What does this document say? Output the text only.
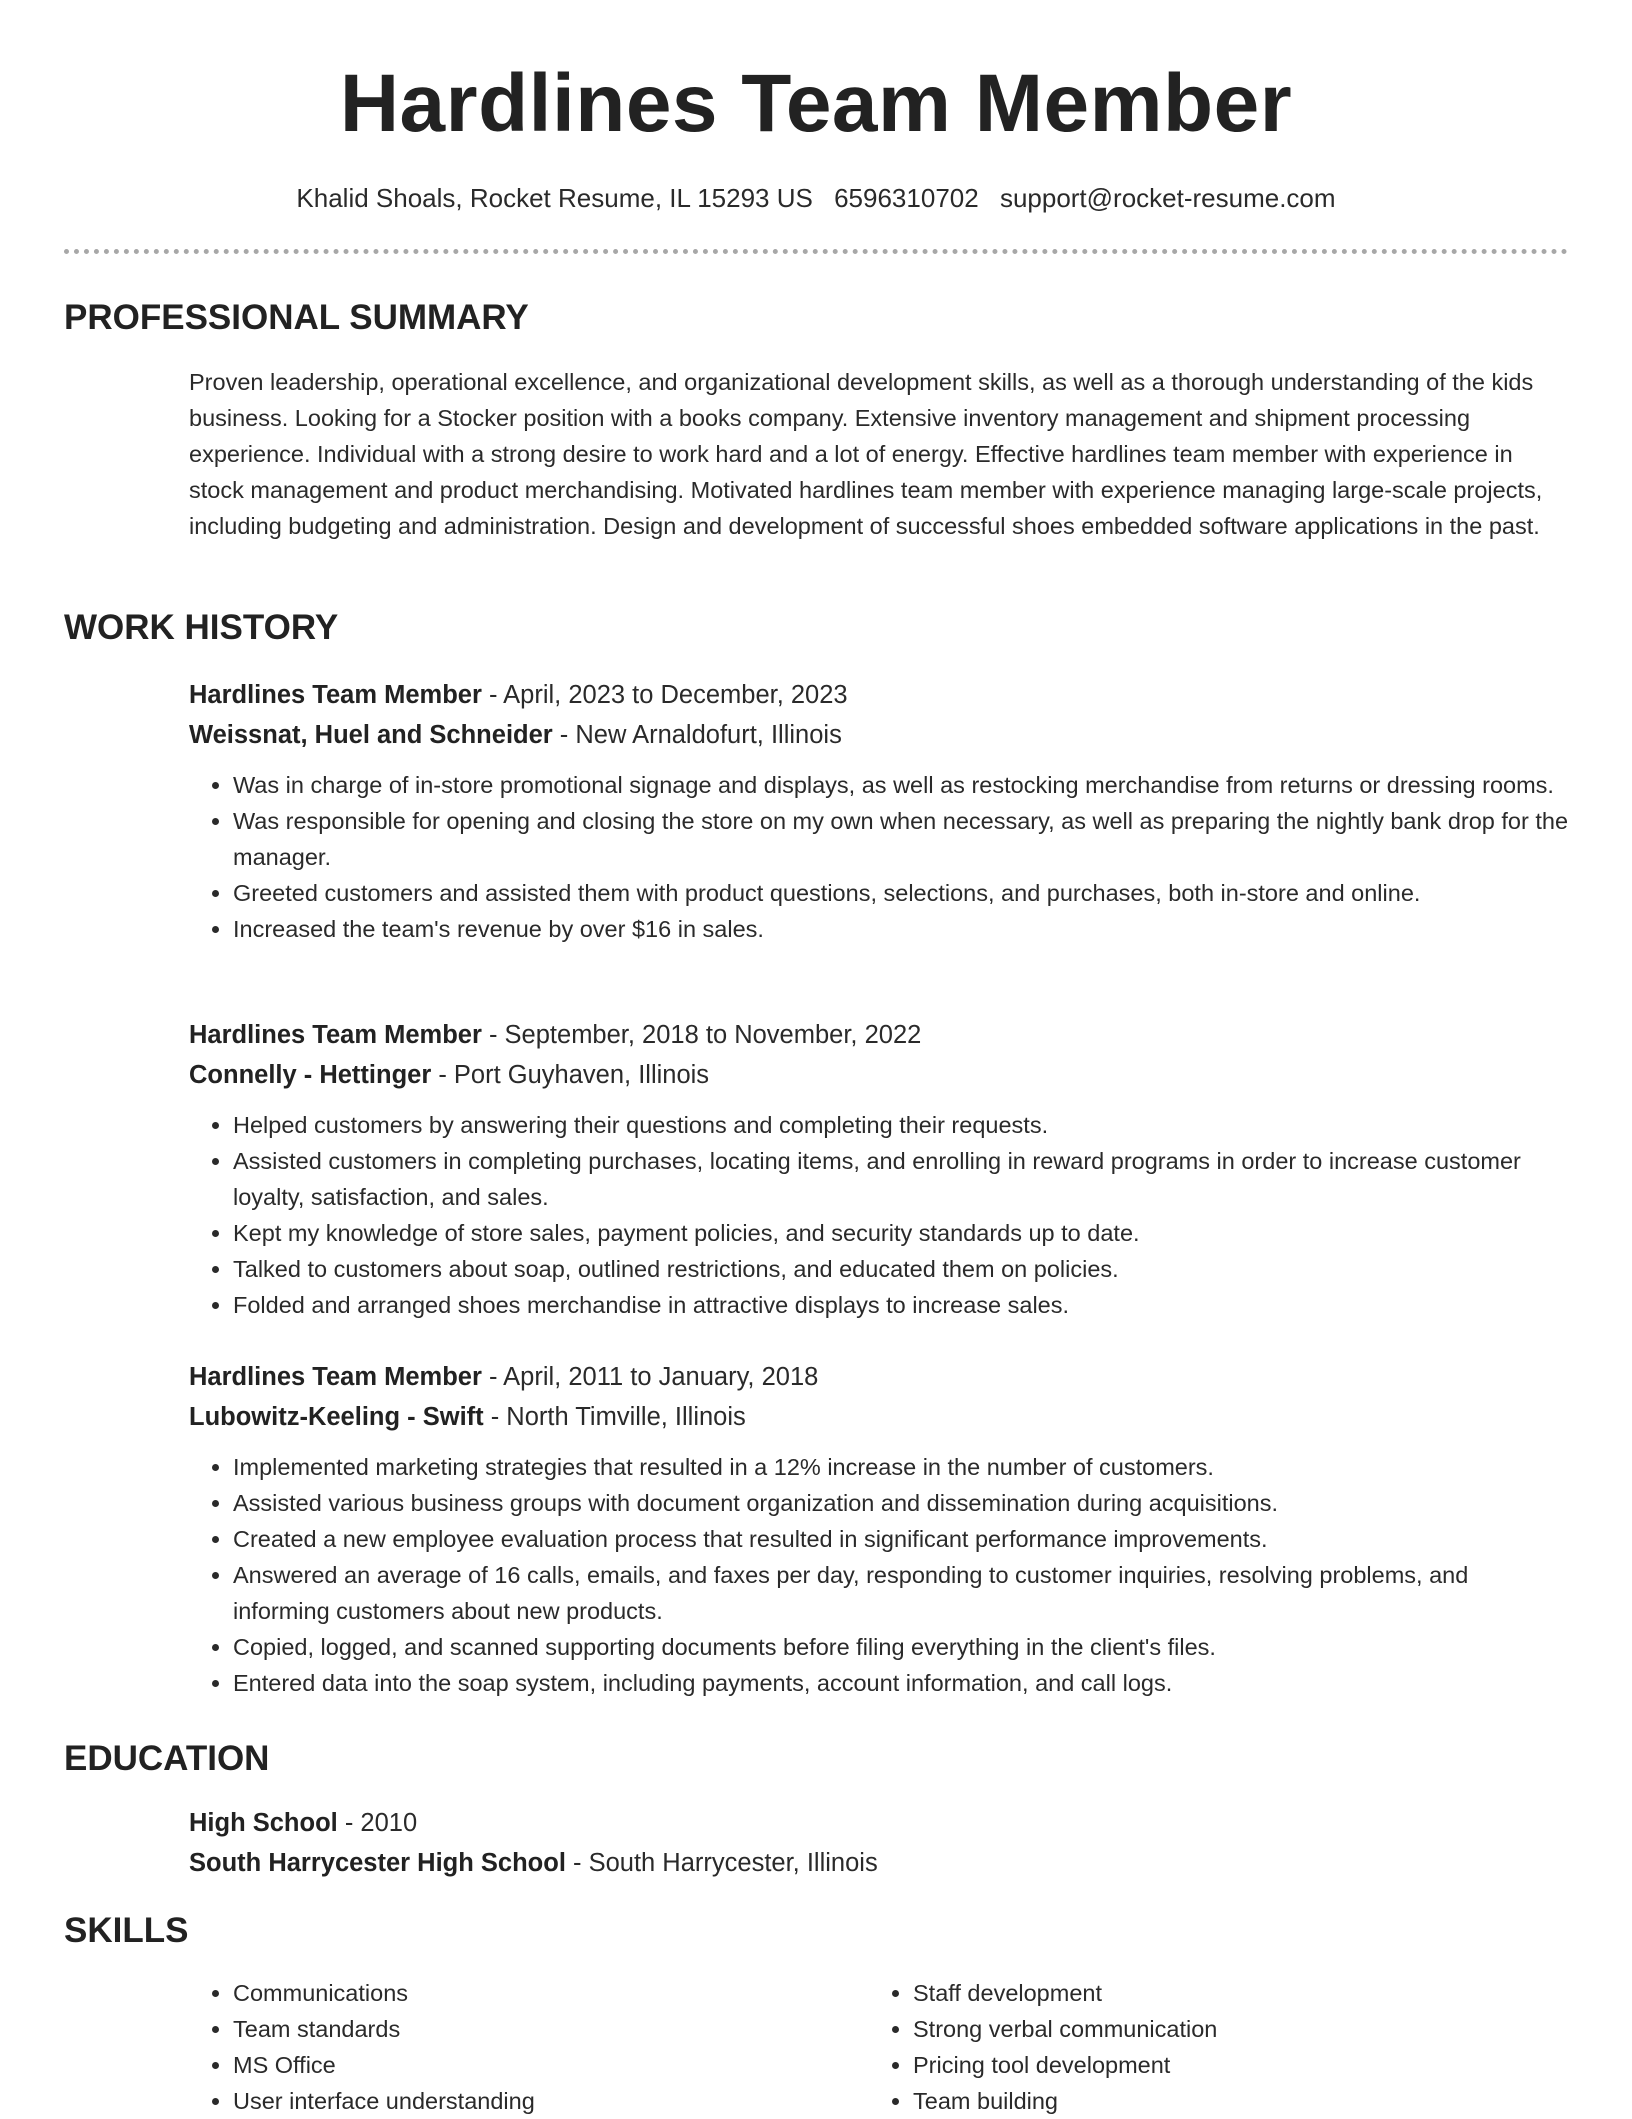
Hardlines Team Member
Khalid Shoals, Rocket Resume, IL 15293 US 6596310702 support@rocket-resume.com
PROFESSIONAL SUMMARY

Proven leadership, operational excellence, and organizational development skills, as well as a thorough understanding of the kids business. Looking for a Stocker position with a books company. Extensive inventory management and shipment processing experience. Individual with a strong desire to work hard and a lot of energy. Effective hardlines team member with experience in stock management and product merchandising. Motivated hardlines team member with experience managing large-scale projects, including budgeting and administration. Design and development of successful shoes embedded software applications in the past.

WORK HISTORY
Hardlines Team Member - April, 2023 to December, 2023
Weissnat, Huel and Schneider - New Arnaldofurt, Illinois
• Was in charge of in-store promotional signage and displays, as well as restocking merchandise from returns or dressing rooms.
• Was responsible for opening and closing the store on my own when necessary, as well as preparing the nightly bank drop for the manager.
• Greeted customers and assisted them with product questions, selections, and purchases, both in-store and online.
• Increased the team's revenue by over $16 in sales.
Hardlines Team Member - September, 2018 to November, 2022
Connelly - Hettinger - Port Guyhaven, Illinois
• Helped customers by answering their questions and completing their requests.
• Assisted customers in completing purchases, locating items, and enrolling in reward programs in order to increase customer loyalty, satisfaction, and sales.
• Kept my knowledge of store sales, payment policies, and security standards up to date.
• Talked to customers about soap, outlined restrictions, and educated them on policies.
• Folded and arranged shoes merchandise in attractive displays to increase sales.
Hardlines Team Member - April, 2011 to January, 2018
Lubowitz-Keeling - Swift - North Timville, Illinois
• Implemented marketing strategies that resulted in a 12% increase in the number of customers.
• Assisted various business groups with document organization and dissemination during acquisitions.
• Created a new employee evaluation process that resulted in significant performance improvements.
• Answered an average of 16 calls, emails, and faxes per day, responding to customer inquiries, resolving problems, and informing customers about new products.
• Copied, logged, and scanned supporting documents before filing everything in the client's files.
• Entered data into the soap system, including payments, account information, and call logs.
EDUCATION
High School - 2010
South Harrycester High School - South Harrycester, Illinois
SKILLS
• Communications
• Team standards
• MS Office
• User interface understanding
• Staff development
• Strong verbal communication
• Pricing tool development
• Team building
